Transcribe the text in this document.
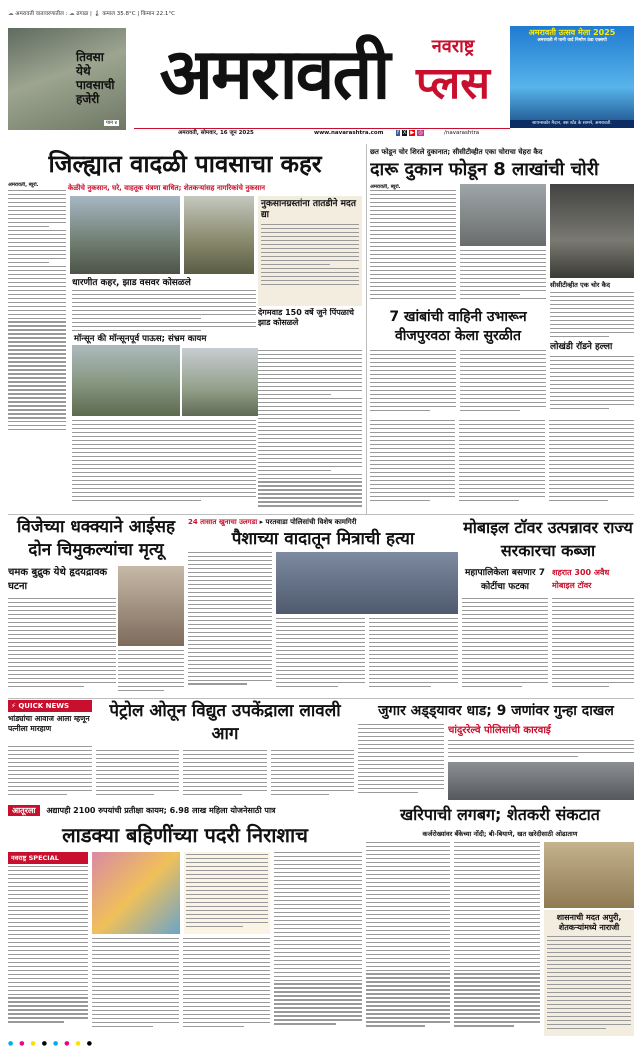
☁ अमरावती वातावरणातील : ☁ ढगाळ | 🌡 कमाल 35.8°C | किमान 22.1°C
तिवसा
येथे
पावसाची
हजेरी
पान ४
अमरावती	नवराष्ट्र
प्लस
अमरावती उत्सव मेला 2025
अमरावती में पानी वार्द निर्माण ठंडा एक्सपो
सायन्सकोर मैदान, बस स्टँड के सामने, अमरावती.
अमरावती, सोमवार, 16 जून 2025	www.navarashtra.com f X ▶ ◎	/navarashtra
जिल्ह्यात वादळी पावसाचा कहर
केळीचे नुकसान, घरे, वाहतूक यंत्रणा बाधित; शेतकऱ्यांसह नागरिकांचे नुकसान
अमरावती, ब्यूरो.
नुकसानग्रस्तांना तातडीने मदत द्या
धारणीत कहर, झाड वसवर कोसळले
मॉन्सून की मॉन्सूनपूर्व पाऊस; संभ्रम कायम
देगमवाड 150 वर्षे जुने पिंपळाचे झाड कोसळले
छत फोडून चोर शिरले दुकानात; सीसीटीव्हीत एका चोराचा चेहरा कैद
दारू दुकान फोडून 8 लाखांची चोरी
अमरावती, ब्यूरो.
सीसीटीव्हीत एक चोर कैद
7 खांबांची वाहिनी उभारून वीजपुरवठा केला सुरळीत
लोखंडी रॉडने हल्ला
विजेच्या धक्क्याने आईसह दोन चिमुकल्यांचा मृत्यू
चमक बुद्रुक येथे हृदयद्रावक घटना
24 तासात खुनाचा उलगडा ▸ परतवाडा पोलिसांची विशेष कामगिरी
पैशाच्या वादातून मित्राची हत्या
मोबाइल टॉवर उत्पन्नावर राज्य सरकारचा कब्जा
महापालिकेला बसणार 7 कोटींचा फटका
शहरात 300 अवैध मोबाइल टॉवर
⚡ QUICK NEWS
भांड्यांचा आवाज आला म्हणून पत्नीला मारहाण
पेट्रोल ओतून विद्युत उपकेंद्राला लावली आग
जुगार अड्ड्यावर धाड; 9 जणांवर गुन्हा दाखल
चांदुररेल्वे पोलिसांची कारवाई
आतूरला अद्यापही 2100 रुपयांची प्रतीक्षा कायम; 6.98 लाख महिला योजनेसाठी पात्र
लाडक्या बहिणींच्या पदरी निराशाच
नवराष्ट्र SPECIAL
खरिपाची लगबग; शेतकरी संकटात
कर्जरोख्यांवर बँकेच्या नोंदी; बी-बियाणे, खत खरेदीसाठी ओढाताण
शासनाची मदत अपुरी, शेतकऱ्यांमध्ये नाराजी
● ● ● ● ● ● ● ●
